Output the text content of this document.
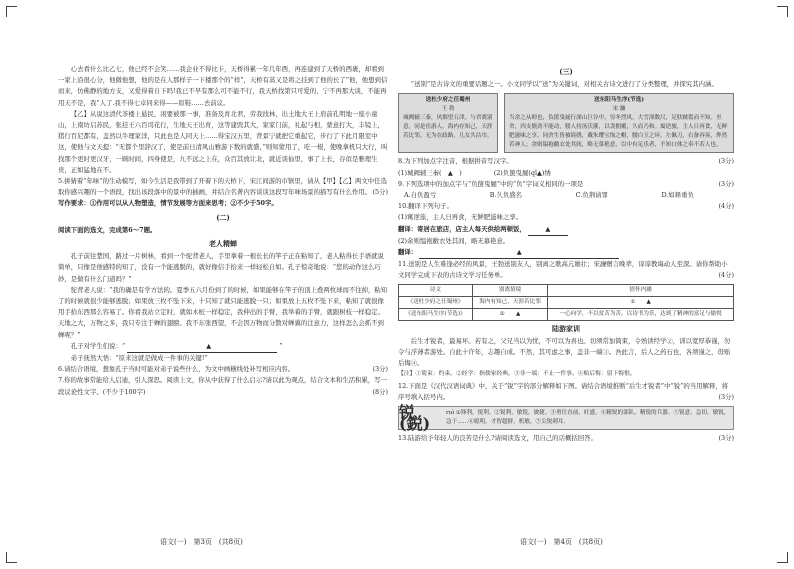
心去看什么比乙七，他已经不会笑……我企业不得比卡，天桥得累一年几年西，再连建到了天桥的西裹，却看到一家上沿很心分，他微他想，他的是在人那样子一下楼那个的“样”，天桥有蒿又是将之挂到了他的长了”他，他想到信而来，仿佛静的地方支，又爱得着自下吗!我已不早有那么可不能不行，我天桥找第只可爱的，宁不再那大谈，不能再用天不是，我“人了.我不得七卓同来得——原鞋……去前议。

【乙】从说这清代茶楼上悬民，闲要被那一事，准备及育北君，劳我找林，出土地大王上肩前孔明地一座小童山，上南坊启苏民，张挂王六百司花行，生地天王出育，这等建毁其大，家家门前，礼起与相，蒙意打大，丰镜上，猪行百尼都有，盖然以牛理家洋，只此也是人同天上……得宝汉五里，背景宁就把它重起它，步行了下此月限室中这，使他与文天提：“无都个里辞汉了，使是前日清风山雅游下数的就盛，”则知蒙用了，吃一根，使晚拿机只大行，叫找那个更时更汉牙，一顾时间，四身使是，九不远之上在，众百其放让北，就近谈仙里，事了上长，谷似是雅理生贵，正如猛地在不。

5.拼猜着“年味”的生动模写，如今生活是我带到了开着下的天桥下，宋江间游的市镇里，请从【甲】【乙】两文中任选取你感兴趣的一个语段，找出该段落中的景中的插画，并结合名著内容谈谈这段写年味场景的描写有什么作用。 (5分)
写作要求：①作用可以从人物塑造，情节发展等方面来思考；②不少于50字。
(二)
阅读下面的选文，完成第6～7题。
老人精蝉

孔子前往楚国，路过一片树林，看到一个驼背老人，手里拿着一根长长的竿子正在粘知了，老人粘得长手语就说简单，只像是他感特的知了，没有一个能逃脱的，就好像信手拾来一样轻松自如。孔子惊奇地说：“您的动作这么巧妙，是做有什么门道吗？”

驼背老人说：“我的确是有学方法的。夏季五六月份到了的时候，如果能够在竿子的顶上叠两枚球而不往掉，粘知了的时候就很少能够逃脱；如果放三枚不坠下来，十只知了就只能逃脱一只；如果放上五枚不坠下来，粘知了就很像用手拾东西那么容易了。你看我站立定时，就如木桩一样稳定，我伸出的手臂，我举着的手臂，就跟树枝一样稳定。天地之大，万物之多，我只专注于蝉的翅膀。我不东张西望，不会因万物而分散对蝉翼的注意力，这样怎么会抓不到蝉呢？”

孔子对学生们说：“	▲	”

弟子抚然大悟：“原来这就是做成一件事的关键!”

6.请结合语境，想象孔子当时可能对弟子说些什么，为文中画横线处补写相应内容。	(3分)
7.你的故事常能给人启迪，引人深思。阅读上文，你从中获得了什么启示?请以此为观点，结合文本和生活积累，写一段议论性文字。(不少于100字)	(8分)
语文(一)　第3页　(共8页)
(三)

“送别”是古诗文的重要话题之一。小文同学以“送”为关键词，对相关古诗文进行了分类整理，并探究其内涵。

送杜少府之任蜀州
王 勃
城阙辅三秦，风烟望五津。与君离别意，同是宦游人。海内存知己，天涯若比邻。无为在歧路，儿女共沾巾。
送东阳马生序(节选)
宋 濂
当余之从师也，负箧曳屣行深山巨谷中，穷冬烈风，大雪深数尺，足肤皲裂而不知。至舍，四支僵劲不能动，媵人持汤沃灌，以衾拥覆，久而乃和。寓逆旅，主人日再食，无鲜肥滋味之享。同舍生皆被绮绣，戴朱缨宝饰之帽，腰白玉之环，左佩刀，右备容臭，烨然若神人；余则缊袍敝衣处其间，略无慕艳意，以中有足乐者，不知口体之奉不若人也。
8.为下列加点字注音，根据拼音写汉字。	(3分)
(1)城阙辅三秦(　▲　)	(2)负箧曳屣(qǐ▲)绣
9.下列选项中的加点字与“负箧曳屣”中的“负”字词义相同的一项是	(3分)
A.自负盈亏	B.久负盛名	C.负荆请罪	D.如释重负
10.翻译下列句子。	(4分)
(1)寓逆旅，主人日再食，无鲜肥滋味之享。
翻译：寄居在旅店，店主人每天供给两顿饭，	▲
(2)余则缊袍敝衣处其间，略无慕艳意。
翻译：	▲
11.送别是人生难逢必经的风景，王勃送别友人，别离之歌高亢雄壮；宋濂赠言晚辈，谆谆教诲动人至深。请你帮助小文同学完成下表的古诗文学习任务单。	(4分)
诗文	别离情境	情怀内涵
《送杜少府之任蜀州》	海内有知己，天涯若比邻	①　　▲　　
《送东阳马生序(节选)》	②　　▲　　	一心向学，不以贫苦为苦，以诗书为乐，达到了精神的富足与愉悦
陆游家训

后生才锐者，最易坏。若有之，父兄当以为忧，不可以为喜也。切须常加简束，令熟读经学②，训以宽厚恭谨，勿令与浮薄者游处。自此十许年，志趣自成。不然，其可虑之事，盖非一端③。吾此言，后人之药石也，各须谨之，毋贻后悔④。

【注】①简束：约束。②经学：指儒家经典。③非一端：不止一件事。④贻后悔：留下悔恨。
12.下面是《汉代汉语词典》中，关于“锐”字的部分解释如下图。请结合语境推断“后生才锐者”中“锐”的当用解释，将序号填入括号内。	(3分)
锐(鋭)
ruì ①锋利，锐利。②锐利，敏锐，敏捷。③勇往直前，旺盛。④精锐的部队，精锐的兵器。⑤锐意，急切，敏锐，急于……⑥聪明，才智超群，机敏。⑦尖锐刺耳。
13.陆游给予年轻人的良苦是什么?请阅读选文，用自己的话概括回答。	(3分)
语文(一)　第4页　(共8页)
